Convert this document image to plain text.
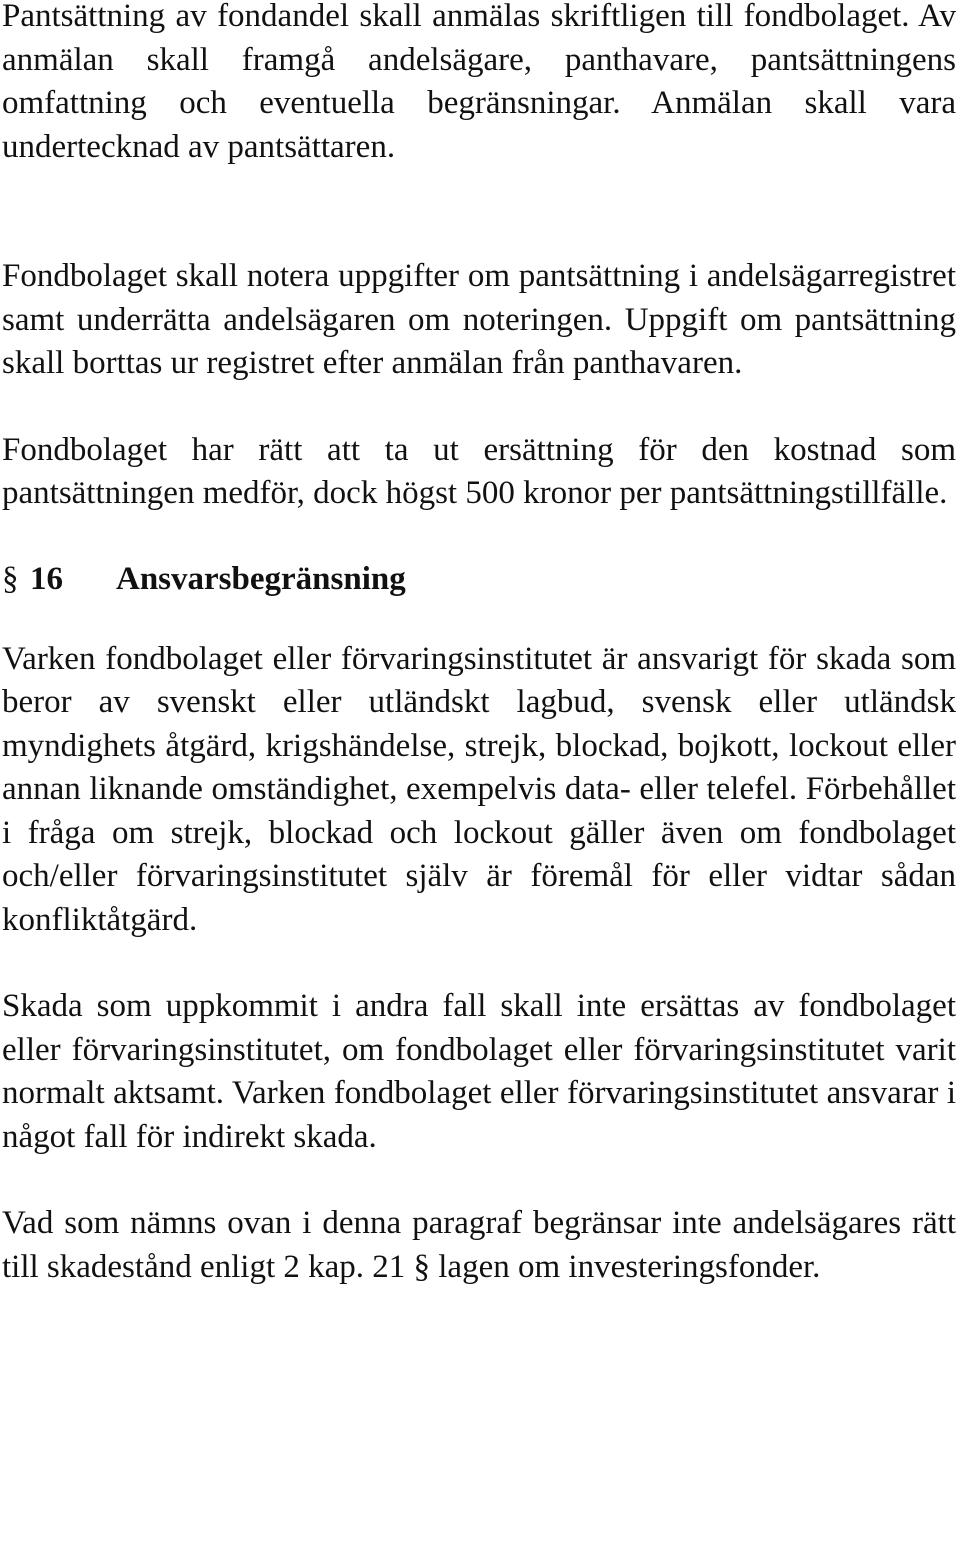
Pantsättning av fondandel skall anmälas skriftligen till fondbolaget. Av anmälan skall framgå andelsägare, panthavare, pantsättningens omfattning och eventuella begränsningar. Anmälan skall vara undertecknad av pantsättaren.

Fondbolaget skall notera uppgifter om pantsättning i andelsägarregistret samt underrätta andelsägaren om noteringen. Uppgift om pantsättning skall borttas ur registret efter anmälan från panthavaren.

Fondbolaget har rätt att ta ut ersättning för den kostnad som pantsättningen medför, dock högst 500 kronor per pantsättningstillfälle.

§ 16	Ansvarsbegränsning

Varken fondbolaget eller förvaringsinstitutet är ansvarigt för skada som beror av svenskt eller utländskt lagbud, svensk eller utländsk myndighets åtgärd, krigshändelse, strejk, blockad, bojkott, lockout eller annan liknande omständighet, exempelvis data- eller telefel. Förbehållet i fråga om strejk, blockad och lockout gäller även om fondbolaget och/eller förvaringsinstitutet själv är föremål för eller vidtar sådan konfliktåtgärd.

Skada som uppkommit i andra fall skall inte ersättas av fondbolaget eller förvaringsinstitutet, om fondbolaget eller förvaringsinstitutet varit normalt aktsamt. Varken fondbolaget eller förvaringsinstitutet ansvarar i något fall för indirekt skada.

Vad som nämns ovan i denna paragraf begränsar inte andelsägares rätt till skadestånd enligt 2 kap. 21 § lagen om investeringsfonder.
